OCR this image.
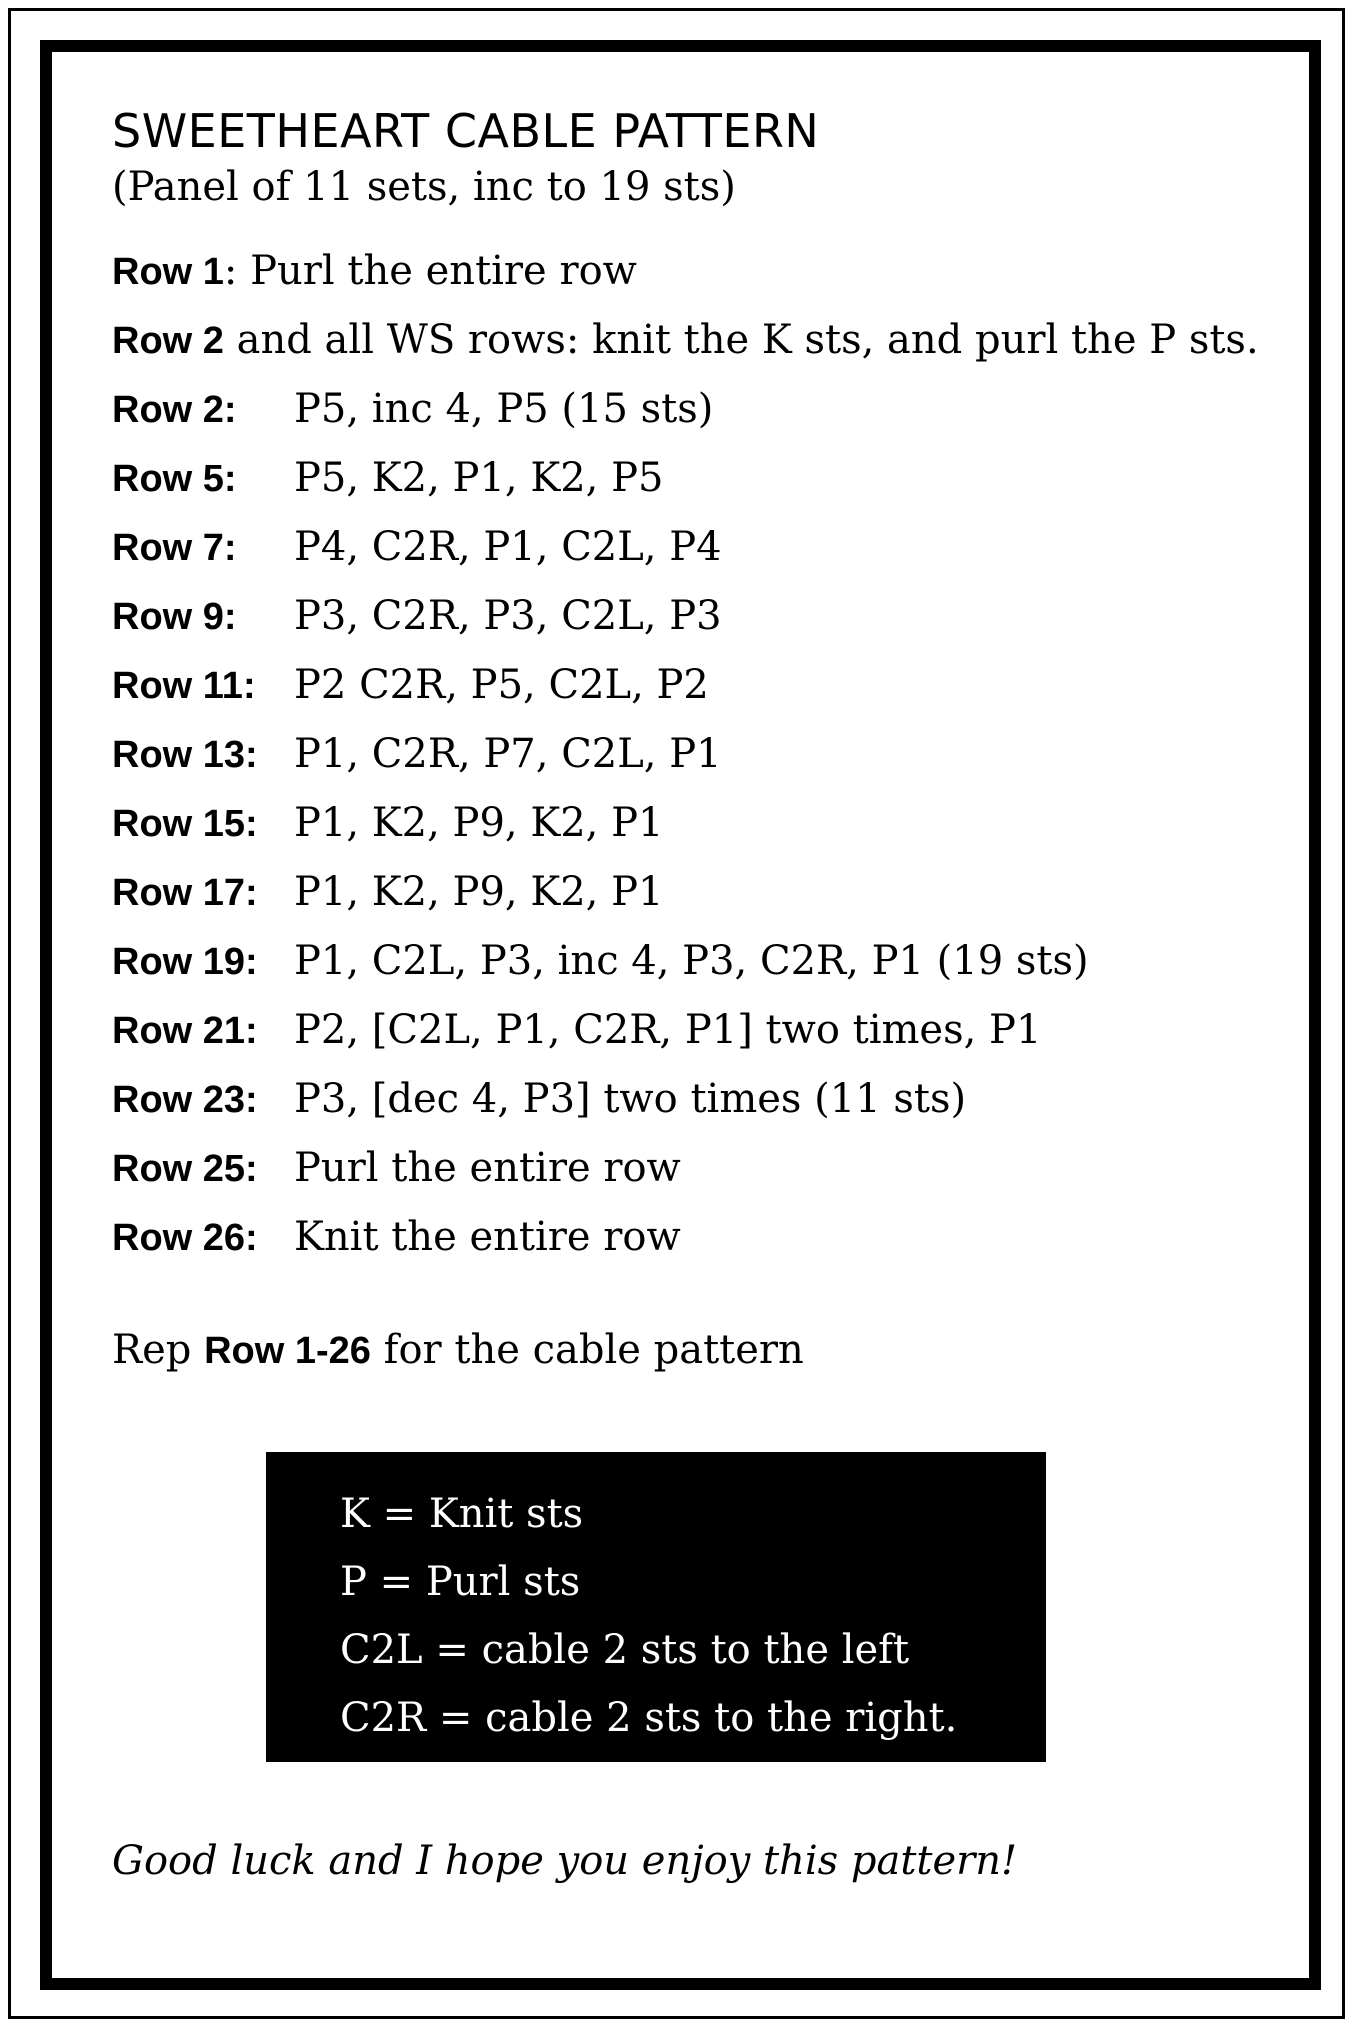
SWEETHEART CABLE PATTERN
(Panel of 11 sets, inc to 19 sts)
Row 1: Purl the entire row
Row 2 and all WS rows: knit the K sts, and purl the P sts.
Row 2: P5, inc 4, P5 (15 sts)
Row 5: P5, K2, P1, K2, P5
Row 7: P4, C2R, P1, C2L, P4
Row 9: P3, C2R, P3, C2L, P3
Row 11: P2 C2R, P5, C2L, P2
Row 13: P1, C2R, P7, C2L, P1
Row 15: P1, K2, P9, K2, P1
Row 17: P1, K2, P9, K2, P1
Row 19: P1, C2L, P3, inc 4, P3, C2R, P1 (19 sts)
Row 21: P2, [C2L, P1, C2R, P1] two times, P1
Row 23: P3, [dec 4, P3] two times (11 sts)
Row 25: Purl the entire row
Row 26: Knit the entire row
Rep Row 1-26 for the cable pattern
K = Knit sts
P = Purl sts
C2L = cable 2 sts to the left
C2R = cable 2 sts to the right.
Good luck and I hope you enjoy this pattern!
